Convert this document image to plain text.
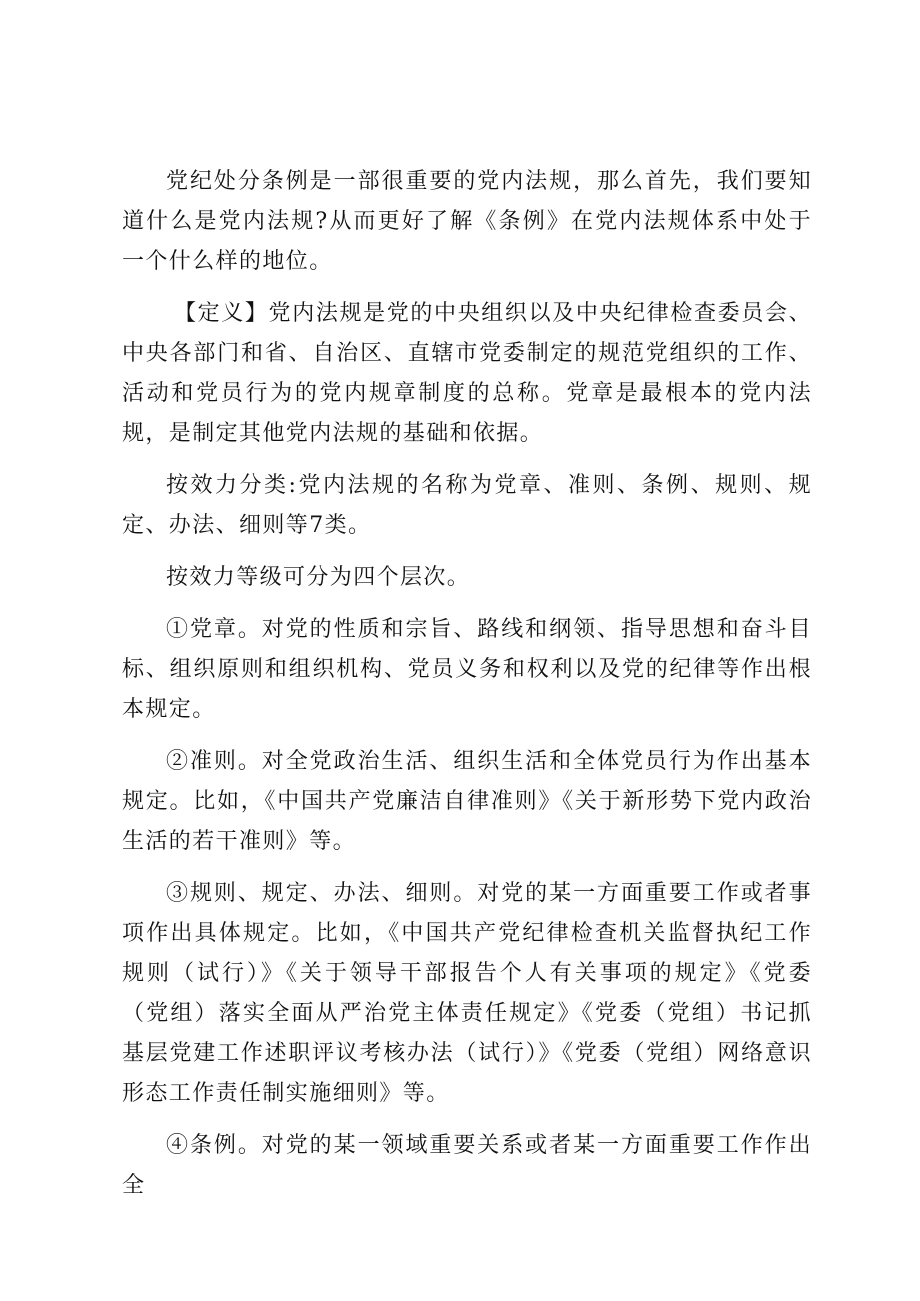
党纪处分条例是一部很重要的党内法规，那么首先，我们要知道什么是党内法规?从而更好了解《条例》在党内法规体系中处于一个什么样的地位。

【定义】党内法规是党的中央组织以及中央纪律检查委员会、中央各部门和省、自治区、直辖市党委制定的规范党组织的工作、活动和党员行为的党内规章制度的总称。党章是最根本的党内法规，是制定其他党内法规的基础和依据。

按效力分类:党内法规的名称为党章、准则、条例、规则、规定、办法、细则等7类。

按效力等级可分为四个层次。

①党章。对党的性质和宗旨、路线和纲领、指导思想和奋斗目标、组织原则和组织机构、党员义务和权利以及党的纪律等作出根本规定。

②准则。对全党政治生活、组织生活和全体党员行为作出基本规定。比如，《中国共产党廉洁自律准则》《关于新形势下党内政治生活的若干准则》等。

③规则、规定、办法、细则。对党的某一方面重要工作或者事项作出具体规定。比如，《中国共产党纪律检查机关监督执纪工作规则（试行）》《关于领导干部报告个人有关事项的规定》《党委（党组）落实全面从严治党主体责任规定》《党委（党组）书记抓基层党建工作述职评议考核办法（试行）》《党委（党组）网络意识形态工作责任制实施细则》等。

④条例。对党的某一领域重要关系或者某一方面重要工作作出全
